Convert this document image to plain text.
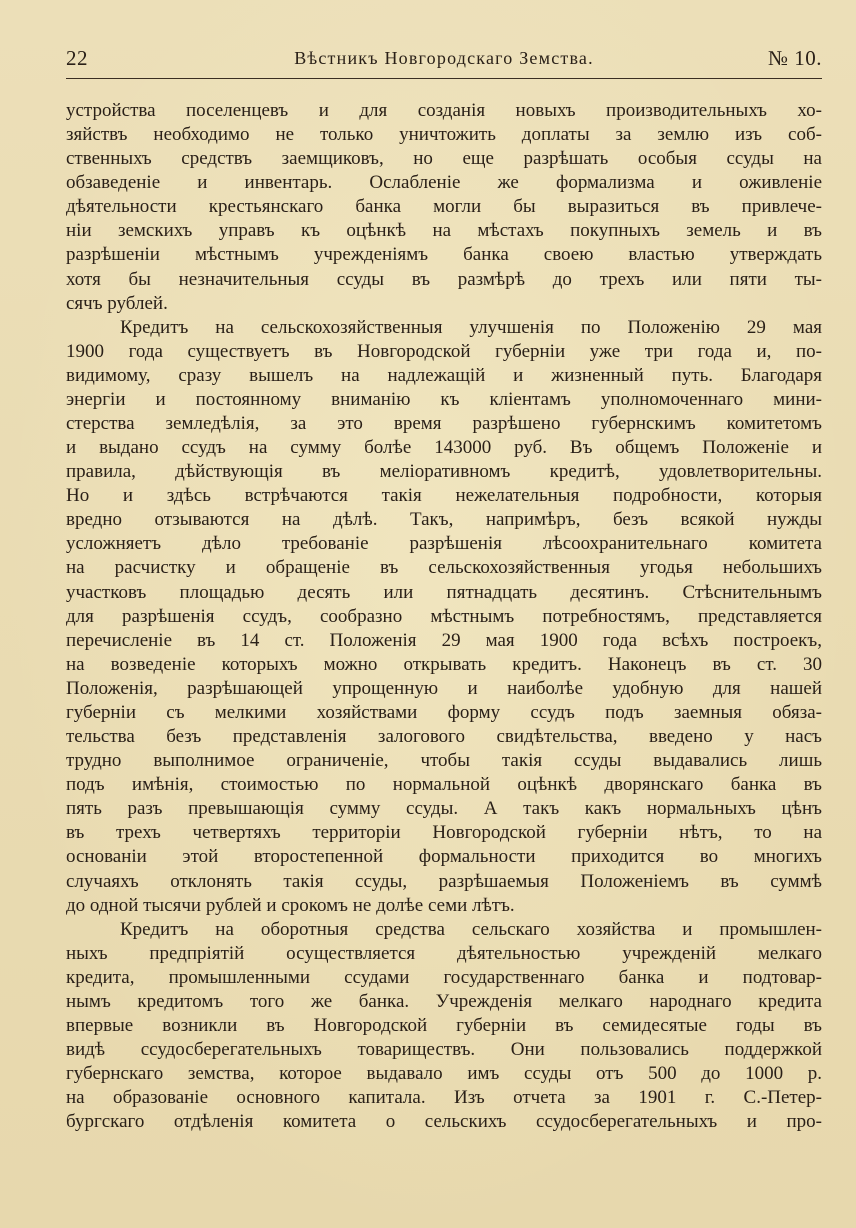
22	Вѣстникъ Новгородскаго Земства.	№ 10.
устройства поселенцевъ и для созданія новыхъ производительныхъ хо-
зяйствъ необходимо не только уничтожить доплаты за землю изъ соб-
ственныхъ средствъ заемщиковъ, но еще разрѣшать особыя ссуды на
обзаведеніе и инвентарь. Ослабленіе же формализма и оживленіе
дѣятельности крестьянскаго банка могли бы выразиться въ привлече-
ніи земскихъ управъ къ оцѣнкѣ на мѣстахъ покупныхъ земель и въ
разрѣшеніи мѣстнымъ учрежденіямъ банка своею властью утверждать
хотя бы незначительныя ссуды въ размѣрѣ до трехъ или пяти ты-
сячъ рублей.
Кредитъ на сельскохозяйственныя улучшенія по Положенію 29 мая
1900 года существуетъ въ Новгородской губерніи уже три года и, по-
видимому, сразу вышелъ на надлежащій и жизненный путь. Благодаря
энергіи и постоянному вниманію къ кліентамъ уполномоченнаго мини-
стерства земледѣлія, за это время разрѣшено губернскимъ комитетомъ
и выдано ссудъ на сумму болѣе 143000 руб. Въ общемъ Положеніе и
правила, дѣйствующія въ меліоративномъ кредитѣ, удовлетворительны.
Но и здѣсь встрѣчаются такія нежелательныя подробности, которыя
вредно отзываются на дѣлѣ. Такъ, напримѣръ, безъ всякой нужды
усложняетъ дѣло требованіе разрѣшенія лѣсоохранительнаго комитета
на расчистку и обращеніе въ сельскохозяйственныя угодья небольшихъ
участковъ площадью десять или пятнадцать десятинъ. Стѣснительнымъ
для разрѣшенія ссудъ, сообразно мѣстнымъ потребностямъ, представляется
перечисленіе въ 14 ст. Положенія 29 мая 1900 года всѣхъ построекъ,
на возведеніе которыхъ можно открывать кредитъ. Наконецъ въ ст. 30
Положенія, разрѣшающей упрощенную и наиболѣе удобную для нашей
губерніи съ мелкими хозяйствами форму ссудъ подъ заемныя обяза-
тельства безъ представленія залогового свидѣтельства, введено у насъ
трудно выполнимое ограниченіе, чтобы такія ссуды выдавались лишь
подъ имѣнія, стоимостью по нормальной оцѣнкѣ дворянскаго банка въ
пять разъ превышающія сумму ссуды. А такъ какъ нормальныхъ цѣнъ
въ трехъ четвертяхъ территоріи Новгородской губерніи нѣтъ, то на
основаніи этой второстепенной формальности приходится во многихъ
случаяхъ отклонять такія ссуды, разрѣшаемыя Положеніемъ въ суммѣ
до одной тысячи рублей и срокомъ не долѣе семи лѣтъ.
Кредитъ на оборотныя средства сельскаго хозяйства и промышлен-
ныхъ предпріятій осуществляется дѣятельностью учрежденій мелкаго
кредита, промышленными ссудами государственнаго банка и подтовар-
нымъ кредитомъ того же банка. Учрежденія мелкаго народнаго кредита
впервые возникли въ Новгородской губерніи въ семидесятые годы въ
видѣ ссудосберегательныхъ товариществъ. Они пользовались поддержкой
губернскаго земства, которое выдавало имъ ссуды отъ 500 до 1000 р.
на образованіе основного капитала. Изъ отчета за 1901 г. С.-Петер-
бургскаго отдѣленія комитета о сельскихъ ссудосберегательныхъ и про-
